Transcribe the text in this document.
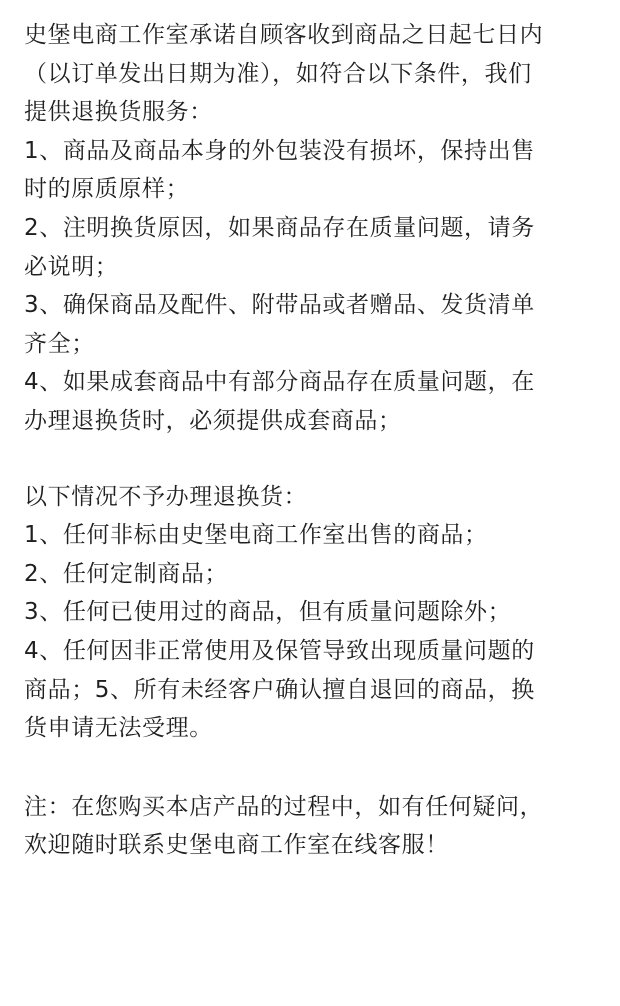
史堡电商工作室承诺自顾客收到商品之日起七日内
（以订单发出日期为准），如符合以下条件，我们
提供退换货服务：
1、商品及商品本身的外包装没有损坏，保持出售
时的原质原样；
2、注明换货原因，如果商品存在质量问题，请务
必说明；
3、确保商品及配件、附带品或者赠品、发货清单
齐全；
4、如果成套商品中有部分商品存在质量问题，在
办理退换货时，必须提供成套商品；
以下情况不予办理退换货：
1、任何非标由史堡电商工作室出售的商品；
2、任何定制商品；
3、任何已使用过的商品，但有质量问题除外；
4、任何因非正常使用及保管导致出现质量问题的
商品；5、所有未经客户确认擅自退回的商品，换
货申请无法受理。
注：在您购买本店产品的过程中，如有任何疑问，
欢迎随时联系史堡电商工作室在线客服！
